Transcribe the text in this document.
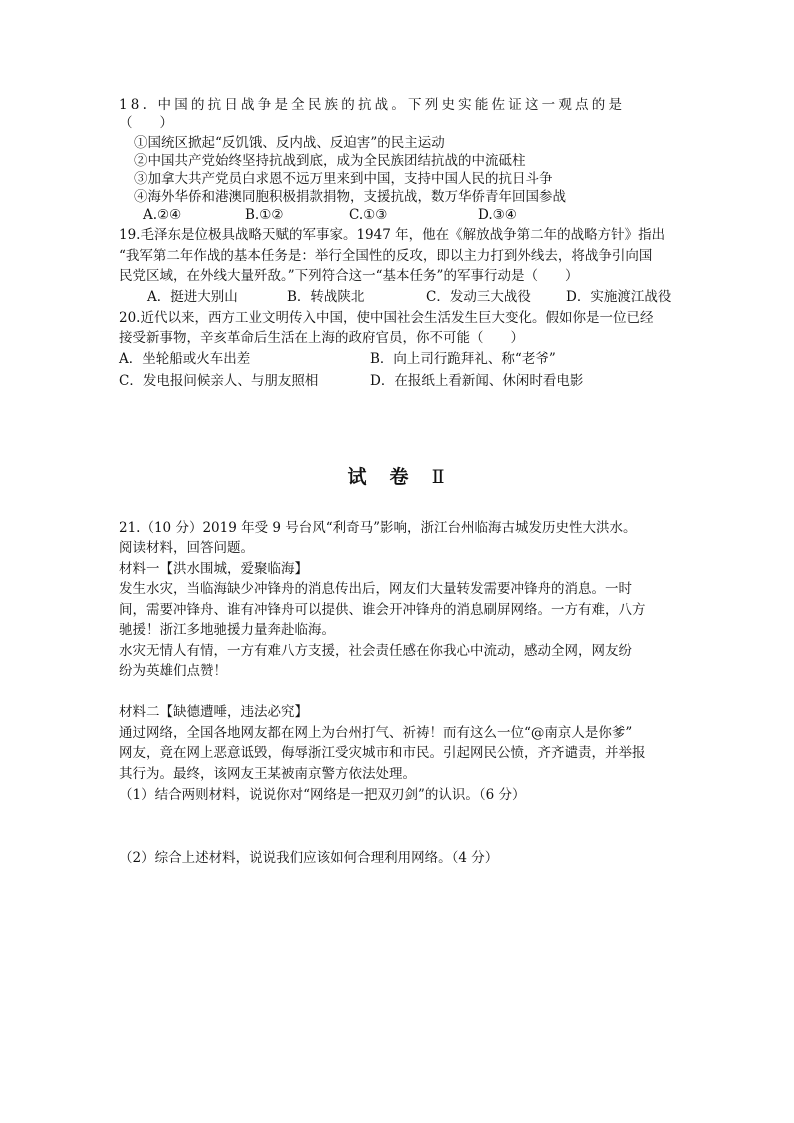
18. 中国的抗日战争是全民族的抗战。下列史实能佐证这一观点的是
（　　）
①国统区掀起“反饥饿、反内战、反迫害”的民主运动
②中国共产党始终坚持抗战到底，成为全民族团结抗战的中流砥柱
③加拿大共产党员白求恩不远万里来到中国，支持中国人民的抗日斗争
④海外华侨和港澳同胞积极捐款捐物，支援抗战，数万华侨青年回国参战
A.②④	B.①②	C.①③	D.③④
19.毛泽东是位极具战略天赋的军事家。1947 年，他在《解放战争第二年的战略方针》指出
“我军第二年作战的基本任务是：举行全国性的反攻，即以主力打到外线去，将战争引向国
民党区域，在外线大量歼敌。”下列符合这一“基本任务”的军事行动是（　　）
A．挺进大别山	B．转战陕北	C．发动三大战役	D．实施渡江战役
20.近代以来，西方工业文明传入中国，使中国社会生活发生巨大变化。假如你是一位已经
接受新事物，辛亥革命后生活在上海的政府官员，你不可能（　　）
A．坐轮船或火车出差	B．向上司行跪拜礼、称“老爷”
C．发电报问候亲人、与朋友照相	D．在报纸上看新闻、休闲时看电影
试　 卷　 Ⅱ
21.（10 分）2019 年受 9 号台风“利奇马”影响，浙江台州临海古城发历史性大洪水。
阅读材料，回答问题。
材料一【洪水围城，爱聚临海】
发生水灾，当临海缺少冲锋舟的消息传出后，网友们大量转发需要冲锋舟的消息。一时
间，需要冲锋舟、谁有冲锋舟可以提供、谁会开冲锋舟的消息刷屏网络。一方有难，八方
驰援！浙江多地驰援力量奔赴临海。
水灾无情人有情，一方有难八方支援，社会责任感在你我心中流动，感动全网，网友纷
纷为英雄们点赞！
材料二【缺德遭唾，违法必究】
通过网络，全国各地网友都在网上为台州打气、祈祷！而有这么一位“@南京人是你爹”
网友，竟在网上恶意诋毁，侮辱浙江受灾城市和市民。引起网民公愤，齐齐谴责，并举报
其行为。最终，该网友王某被南京警方依法处理。
（1）结合两则材料，说说你对“网络是一把双刃剑”的认识。（6 分）
（2）综合上述材料，说说我们应该如何合理利用网络。（4 分）
